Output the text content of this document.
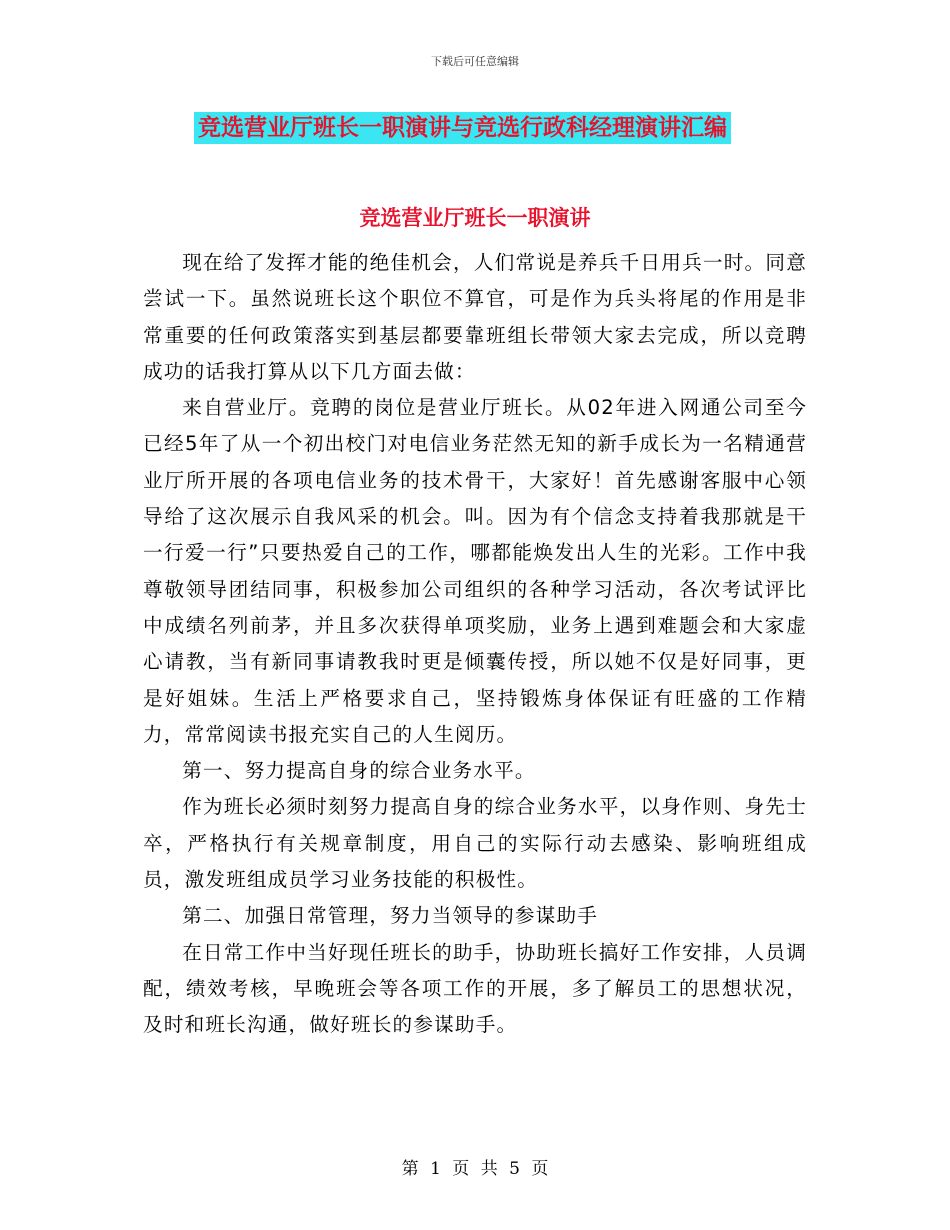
下载后可任意编辑
竞选营业厅班长一职演讲与竞选行政科经理演讲汇编
竞选营业厅班长一职演讲

现在给了发挥才能的绝佳机会，人们常说是养兵千日用兵一时。同意尝试一下。虽然说班长这个职位不算官，可是作为兵头将尾的作用是非常重要的任何政策落实到基层都要靠班组长带领大家去完成，所以竞聘成功的话我打算从以下几方面去做：

来自营业厅。竞聘的岗位是营业厅班长。从02年进入网通公司至今已经5年了从一个初出校门对电信业务茫然无知的新手成长为一名精通营业厅所开展的各项电信业务的技术骨干，大家好！首先感谢客服中心领导给了这次展示自我风采的机会。叫。因为有个信念支持着我那就是干一行爱一行”只要热爱自己的工作，哪都能焕发出人生的光彩。工作中我尊敬领导团结同事，积极参加公司组织的各种学习活动，各次考试评比中成绩名列前茅，并且多次获得单项奖励，业务上遇到难题会和大家虚心请教，当有新同事请教我时更是倾囊传授，所以她不仅是好同事，更是好姐妹。生活上严格要求自己，坚持锻炼身体保证有旺盛的工作精力，常常阅读书报充实自己的人生阅历。

第一、努力提高自身的综合业务水平。

作为班长必须时刻努力提高自身的综合业务水平，以身作则、身先士卒，严格执行有关规章制度，用自己的实际行动去感染、影响班组成员，激发班组成员学习业务技能的积极性。

第二、加强日常管理，努力当领导的参谋助手

在日常工作中当好现任班长的助手，协助班长搞好工作安排，人员调配，绩效考核，早晚班会等各项工作的开展，多了解员工的思想状况，及时和班长沟通，做好班长的参谋助手。

第 1 页 共 5 页
